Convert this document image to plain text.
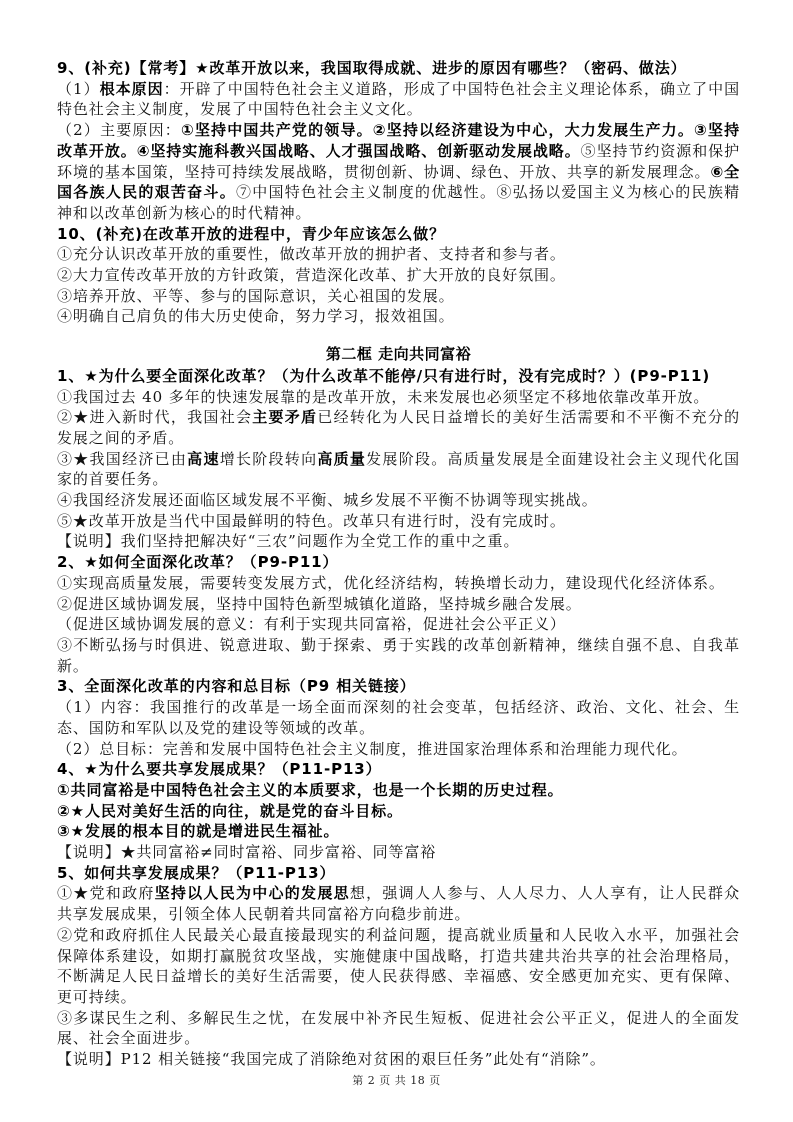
9、(补充)【常考】★改革开放以来，我国取得成就、进步的原因有哪些？（密码、做法）
（1）根本原因：开辟了中国特色社会主义道路，形成了中国特色社会主义理论体系，确立了中国特色社会主义制度，发展了中国特色社会主义文化。
（2）主要原因：①坚持中国共产党的领导。②坚持以经济建设为中心，大力发展生产力。③坚持改革开放。④坚持实施科教兴国战略、人才强国战略、创新驱动发展战略。⑤坚持节约资源和保护环境的基本国策，坚持可持续发展战略，贯彻创新、协调、绿色、开放、共享的新发展理念。⑥全国各族人民的艰苦奋斗。⑦中国特色社会主义制度的优越性。⑧弘扬以爱国主义为核心的民族精神和以改革创新为核心的时代精神。
10、(补充)在改革开放的进程中，青少年应该怎么做？
①充分认识改革开放的重要性，做改革开放的拥护者、支持者和参与者。
②大力宣传改革开放的方针政策，营造深化改革、扩大开放的良好氛围。
③培养开放、平等、参与的国际意识，关心祖国的发展。
④明确自己肩负的伟大历史使命，努力学习，报效祖国。
第二框 走向共同富裕
1、★为什么要全面深化改革？（为什么改革不能停/只有进行时，没有完成时？）(P9-P11)
①我国过去 40 多年的快速发展靠的是改革开放，未来发展也必须坚定不移地依靠改革开放。
②★进入新时代，我国社会主要矛盾已经转化为人民日益增长的美好生活需要和不平衡不充分的发展之间的矛盾。
③★我国经济已由高速增长阶段转向高质量发展阶段。高质量发展是全面建设社会主义现代化国家的首要任务。
④我国经济发展还面临区域发展不平衡、城乡发展不平衡不协调等现实挑战。
⑤★改革开放是当代中国最鲜明的特色。改革只有进行时，没有完成时。
【说明】我们坚持把解决好“三农”问题作为全党工作的重中之重。
2、★如何全面深化改革？（P9-P11）
①实现高质量发展，需要转变发展方式，优化经济结构，转换增长动力，建设现代化经济体系。
②促进区域协调发展，坚持中国特色新型城镇化道路，坚持城乡融合发展。
（促进区域协调发展的意义：有利于实现共同富裕，促进社会公平正义）
③不断弘扬与时俱进、锐意进取、勤于探索、勇于实践的改革创新精神，继续自强不息、自我革新。
3、全面深化改革的内容和总目标（P9 相关链接）
（1）内容：我国推行的改革是一场全面而深刻的社会变革，包括经济、政治、文化、社会、生态、国防和军队以及党的建设等领域的改革。
（2）总目标：完善和发展中国特色社会主义制度，推进国家治理体系和治理能力现代化。
4、★为什么要共享发展成果？（P11-P13）
①共同富裕是中国特色社会主义的本质要求，也是一个长期的历史过程。
②★人民对美好生活的向往，就是党的奋斗目标。
③★发展的根本目的就是增进民生福祉。
【说明】★共同富裕≠同时富裕、同步富裕、同等富裕
5、如何共享发展成果？（P11-P13）
①★党和政府坚持以人民为中心的发展思想，强调人人参与、人人尽力、人人享有，让人民群众共享发展成果，引领全体人民朝着共同富裕方向稳步前进。
②党和政府抓住人民最关心最直接最现实的利益问题，提高就业质量和人民收入水平，加强社会保障体系建设，如期打赢脱贫攻坚战，实施健康中国战略，打造共建共治共享的社会治理格局，不断满足人民日益增长的美好生活需要，使人民获得感、幸福感、安全感更加充实、更有保障、更可持续。
③多谋民生之利、多解民生之忧，在发展中补齐民生短板、促进社会公平正义，促进人的全面发展、社会全面进步。
【说明】P12 相关链接“我国完成了消除绝对贫困的艰巨任务”此处有“消除”。
第 2 页 共 18 页
